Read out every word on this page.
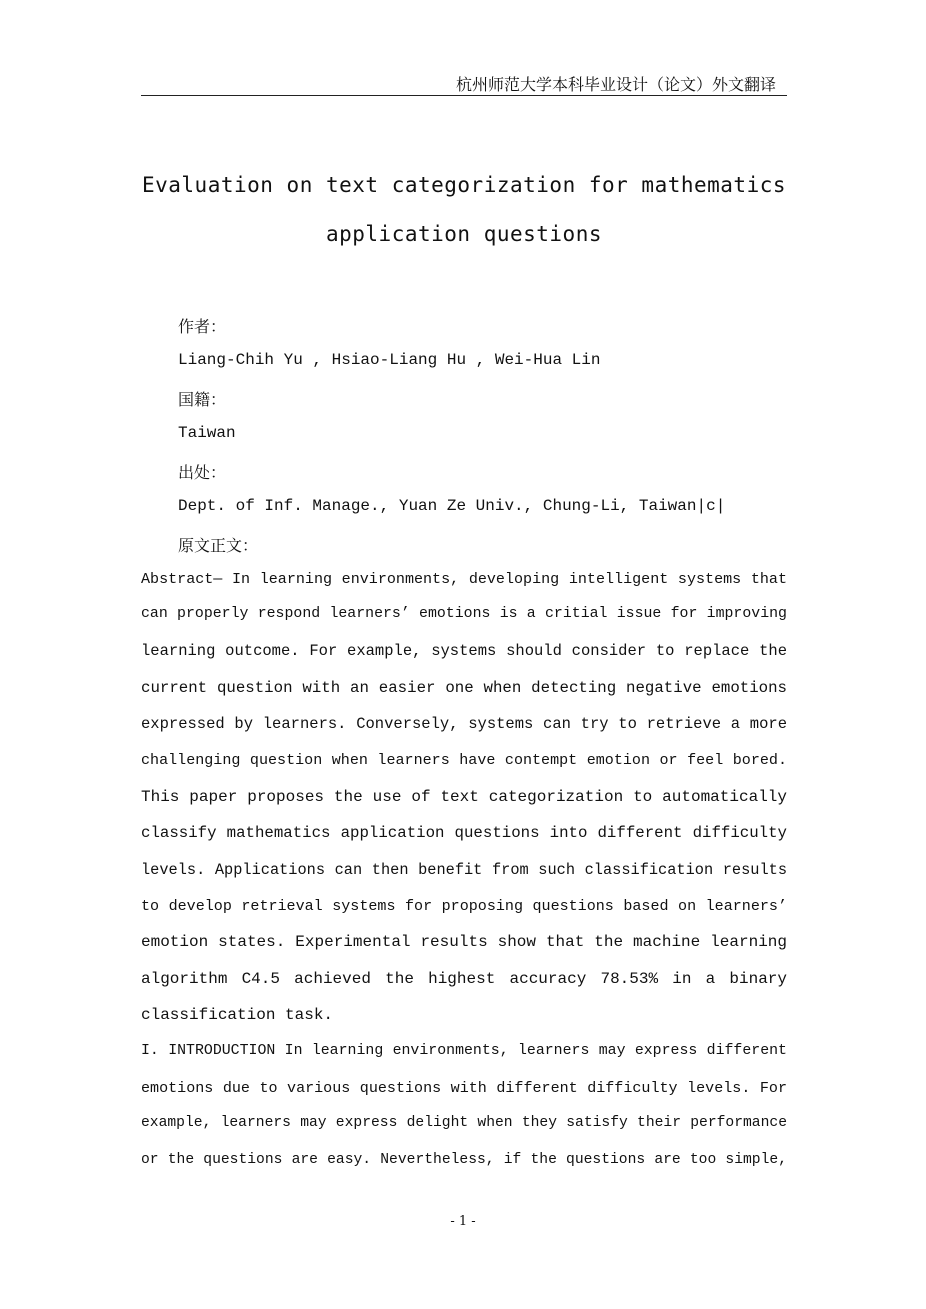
杭州师范大学本科毕业设计（论文）外文翻译
Evaluation on text categorization for mathematics
application questions
作者：
Liang-Chih Yu , Hsiao-Liang Hu , Wei-Hua Lin
国籍：
Taiwan
出处：
Dept. of Inf. Manage., Yuan Ze Univ., Chung-Li, Taiwan|c|
原文正文：
Abstract— In learning environments, developing intelligent systems that
can properly respond learners’ emotions is a critial issue for improving
learning outcome. For example, systems should consider to replace the
current question with an easier one when detecting negative emotions
expressed by learners. Conversely, systems can try to retrieve a more
challenging question when learners have contempt emotion or feel bored.
This paper proposes the use of text categorization to automatically
classify mathematics application questions into different difficulty
levels. Applications can then benefit from such classification results
to develop retrieval systems for proposing questions based on learners’
emotion states. Experimental results show that the machine learning
algorithm C4.5 achieved the highest accuracy 78.53% in a binary
classification task.
I. INTRODUCTION In learning environments, learners may express different
emotions due to various questions with different difficulty levels. For
example, learners may express delight when they satisfy their performance
or the questions are easy. Nevertheless, if the questions are too simple,
- 1 -
